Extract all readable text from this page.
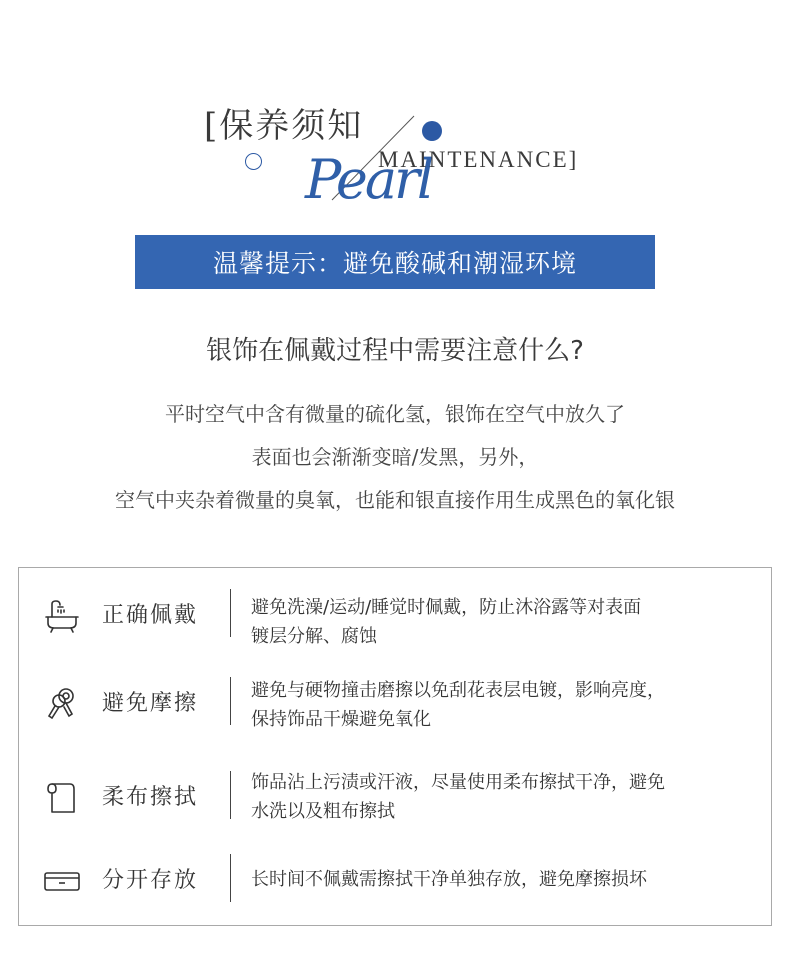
[保养须知
Pearl
MAINTENANCE]
温馨提示：避免酸碱和潮湿环境
银饰在佩戴过程中需要注意什么?
平时空气中含有微量的硫化氢，银饰在空气中放久了
表面也会渐渐变暗/发黑，另外，
空气中夹杂着微量的臭氧，也能和银直接作用生成黑色的氧化银
正确佩戴	避免洗澡/运动/睡觉时佩戴，防止沐浴露等对表面
镀层分解、腐蚀
避免摩擦
避免与硬物撞击磨擦以免刮花表层电镀，影响亮度，
保持饰品干燥避免氧化
柔布擦拭
饰品沾上污渍或汗液，尽量使用柔布擦拭干净，避免
水洗以及粗布擦拭
分开存放	长时间不佩戴需擦拭干净单独存放，避免摩擦损坏
